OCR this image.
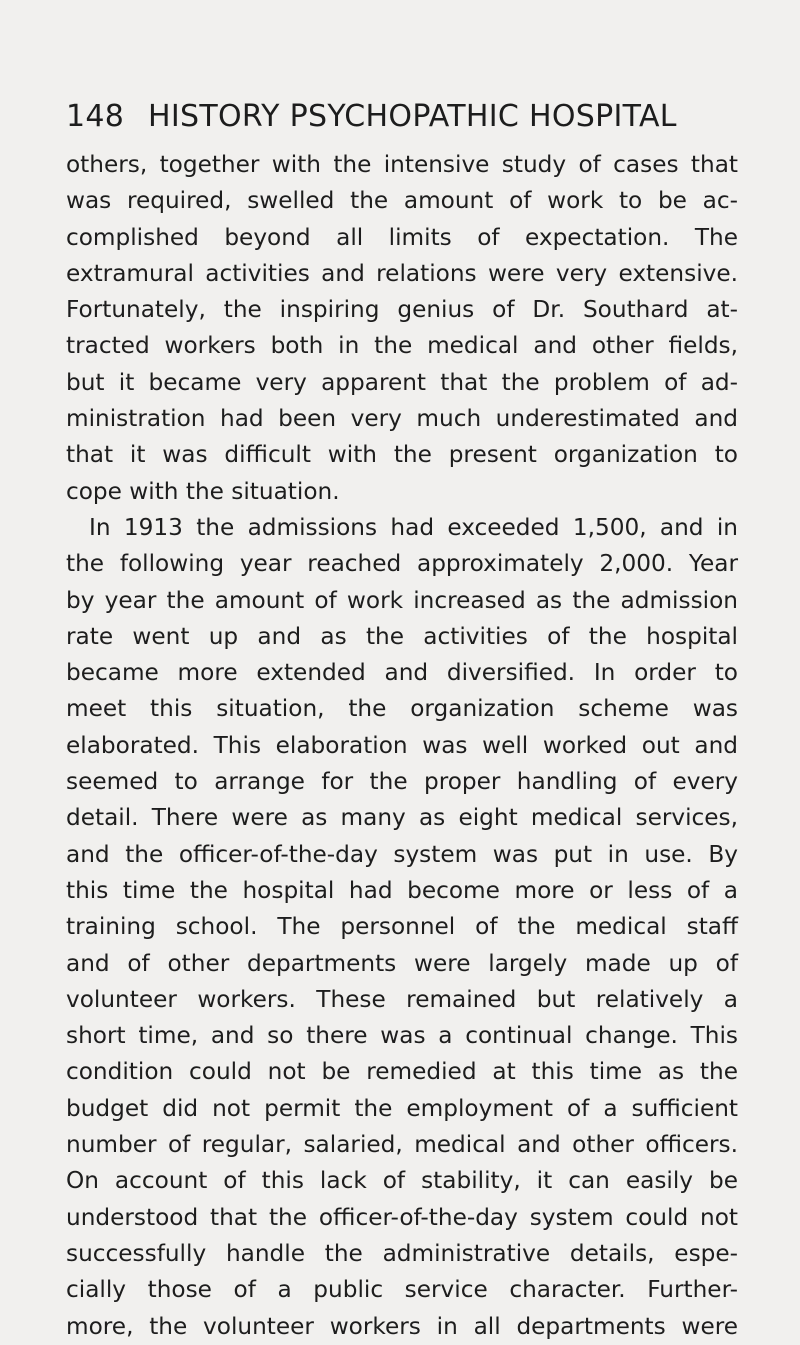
148 HISTORY PSYCHOPATHIC HOSPITAL
others, together with the intensive study of cases that
was required, swelled the amount of work to be ac-
complished beyond all limits of expectation. The
extramural activities and relations were very extensive.
Fortunately, the inspiring genius of Dr. Southard at-
tracted workers both in the medical and other fields,
but it became very apparent that the problem of ad-
ministration had been very much underestimated and
that it was difficult with the present organization to
cope with the situation.
In 1913 the admissions had exceeded 1,500, and in
the following year reached approximately 2,000. Year
by year the amount of work increased as the admission
rate went up and as the activities of the hospital
became more extended and diversified. In order to
meet this situation, the organization scheme was
elaborated. This elaboration was well worked out and
seemed to arrange for the proper handling of every
detail. There were as many as eight medical services,
and the officer-of-the-day system was put in use. By
this time the hospital had become more or less of a
training school. The personnel of the medical staff
and of other departments were largely made up of
volunteer workers. These remained but relatively a
short time, and so there was a continual change. This
condition could not be remedied at this time as the
budget did not permit the employment of a sufficient
number of regular, salaried, medical and other officers.
On account of this lack of stability, it can easily be
understood that the officer-of-the-day system could not
successfully handle the administrative details, espe-
cially those of a public service character. Further-
more, the volunteer workers in all departments were
